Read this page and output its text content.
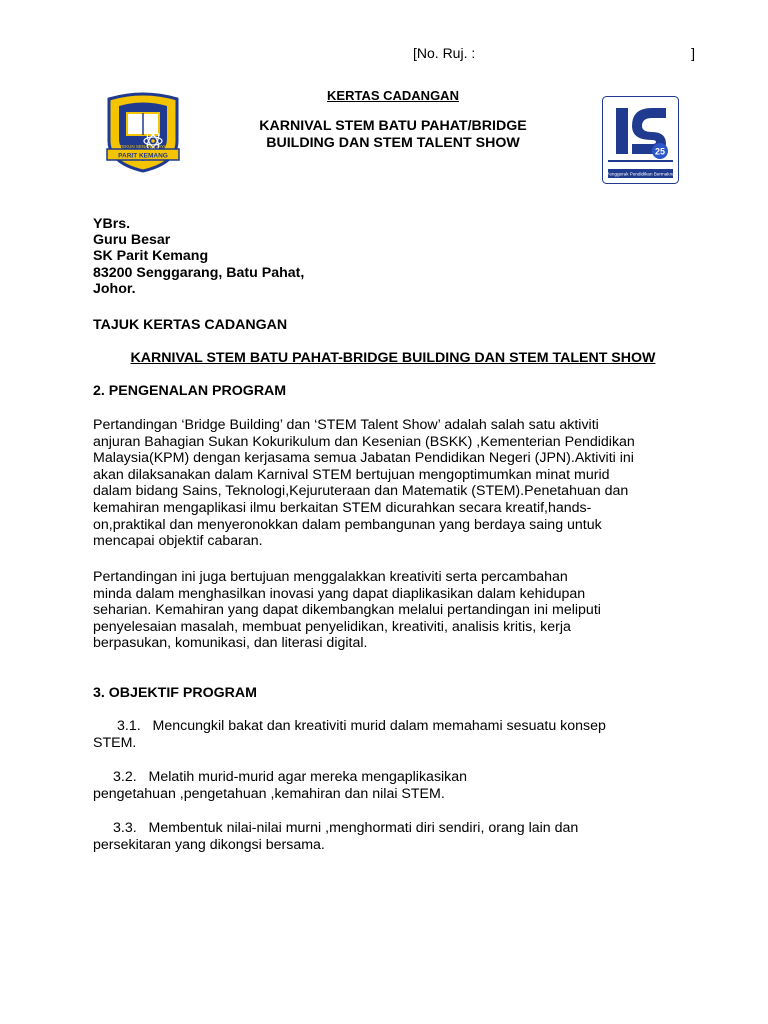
[No. Ruj. :	]
KERTAS CADANGAN
KARNIVAL STEM BATU PAHAT/BRIDGE
BUILDING DAN STEM TALENT SHOW
PARIT KEMANG
TEKUN SENANG JAYA	25
Penggerak Pendidikan Bermakna
YBrs.
Guru Besar
SK Parit Kemang
83200 Senggarang, Batu Pahat,
Johor.
TAJUK KERTAS CADANGAN
KARNIVAL STEM BATU PAHAT-BRIDGE BUILDING DAN STEM TALENT SHOW
2. PENGENALAN PROGRAM
Pertandingan ‘Bridge Building’ dan ‘STEM Talent Show’ adalah salah satu aktiviti
anjuran Bahagian Sukan Kokurikulum dan Kesenian (BSKK) ,Kementerian Pendidikan
Malaysia(KPM) dengan kerjasama semua Jabatan Pendidikan Negeri (JPN).Aktiviti ini
akan dilaksanakan dalam Karnival STEM bertujuan mengoptimumkan minat murid
dalam bidang Sains, Teknologi,Kejuruteraan dan Matematik (STEM).Penetahuan dan
kemahiran mengaplikasi ilmu berkaitan STEM dicurahkan secara kreatif,hands-
on,praktikal dan menyeronokkan dalam pembangunan yang berdaya saing untuk
mencapai objektif cabaran.
Pertandingan ini juga bertujuan menggalakkan kreativiti serta percambahan
minda dalam menghasilkan inovasi yang dapat diaplikasikan dalam kehidupan
seharian. Kemahiran yang dapat dikembangkan melalui pertandingan ini meliputi
penyelesaian masalah, membuat penyelidikan, kreativiti, analisis kritis, kerja
berpasukan, komunikasi, dan literasi digital.
3. OBJEKTIF PROGRAM
3.1. Mencungkil bakat dan kreativiti murid dalam memahami sesuatu konsep
STEM.
3.2. Melatih murid-murid agar mereka mengaplikasikan
pengetahuan ,pengetahuan ,kemahiran dan nilai STEM.
3.3. Membentuk nilai-nilai murni ,menghormati diri sendiri, orang lain dan
persekitaran yang dikongsi bersama.
